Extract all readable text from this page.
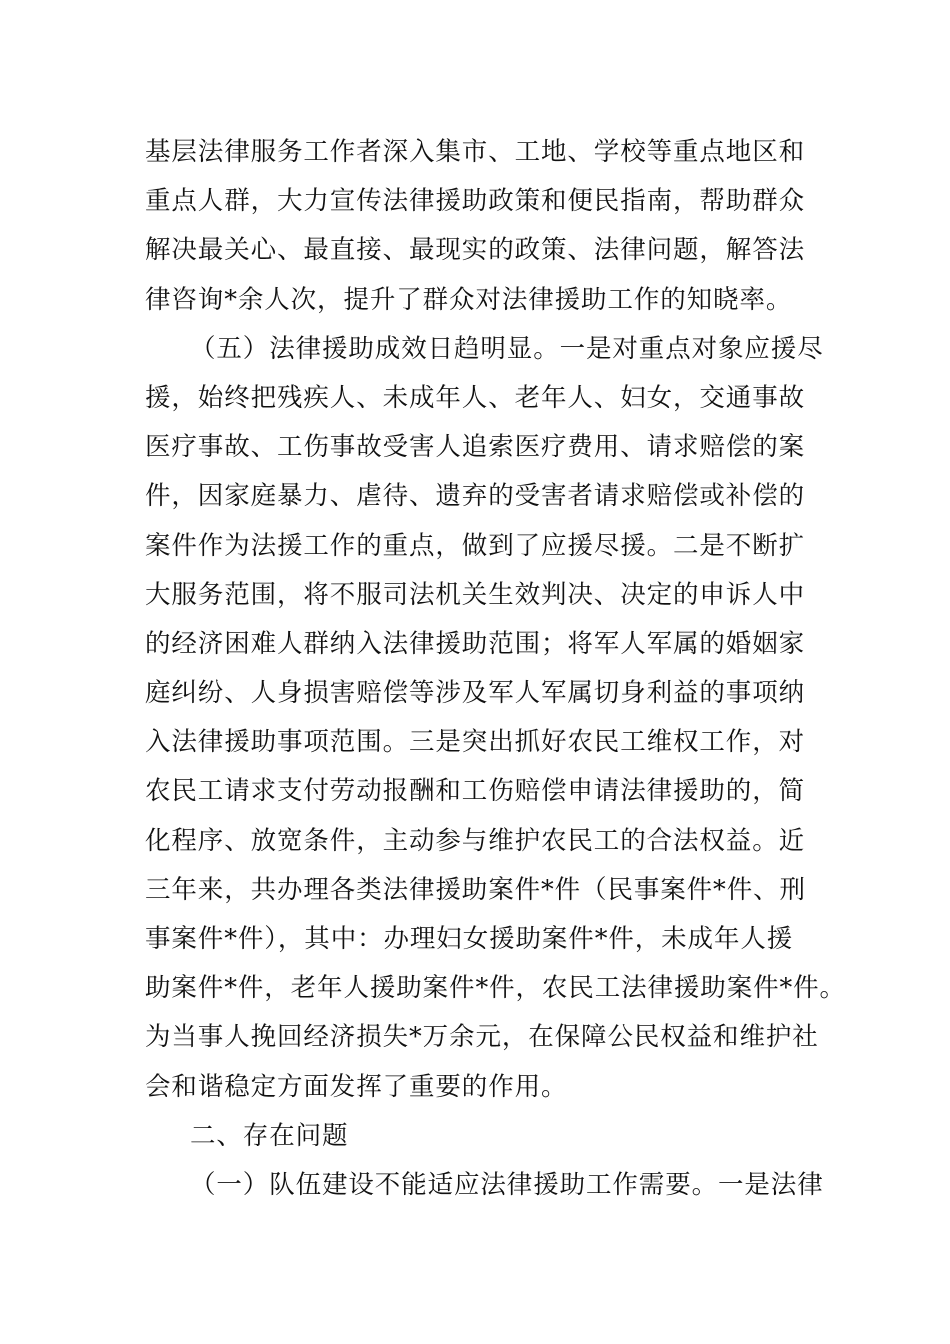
基层法律服务工作者深入集市、工地、学校等重点地区和
重点人群，大力宣传法律援助政策和便民指南，帮助群众
解决最关心、最直接、最现实的政策、法律问题，解答法
律咨询*余人次，提升了群众对法律援助工作的知晓率。
（五）法律援助成效日趋明显。一是对重点对象应援尽
援，始终把残疾人、未成年人、老年人、妇女，交通事故
医疗事故、工伤事故受害人追索医疗费用、请求赔偿的案
件，因家庭暴力、虐待、遗弃的受害者请求赔偿或补偿的
案件作为法援工作的重点，做到了应援尽援。二是不断扩
大服务范围，将不服司法机关生效判决、决定的申诉人中
的经济困难人群纳入法律援助范围；将军人军属的婚姻家
庭纠纷、人身损害赔偿等涉及军人军属切身利益的事项纳
入法律援助事项范围。三是突出抓好农民工维权工作，对
农民工请求支付劳动报酬和工伤赔偿申请法律援助的，简
化程序、放宽条件，主动参与维护农民工的合法权益。近
三年来，共办理各类法律援助案件*件（民事案件*件、刑
事案件*件），其中：办理妇女援助案件*件，未成年人援
助案件*件，老年人援助案件*件，农民工法律援助案件*件。
为当事人挽回经济损失*万余元，在保障公民权益和维护社
会和谐稳定方面发挥了重要的作用。
二、存在问题
（一）队伍建设不能适应法律援助工作需要。一是法律
